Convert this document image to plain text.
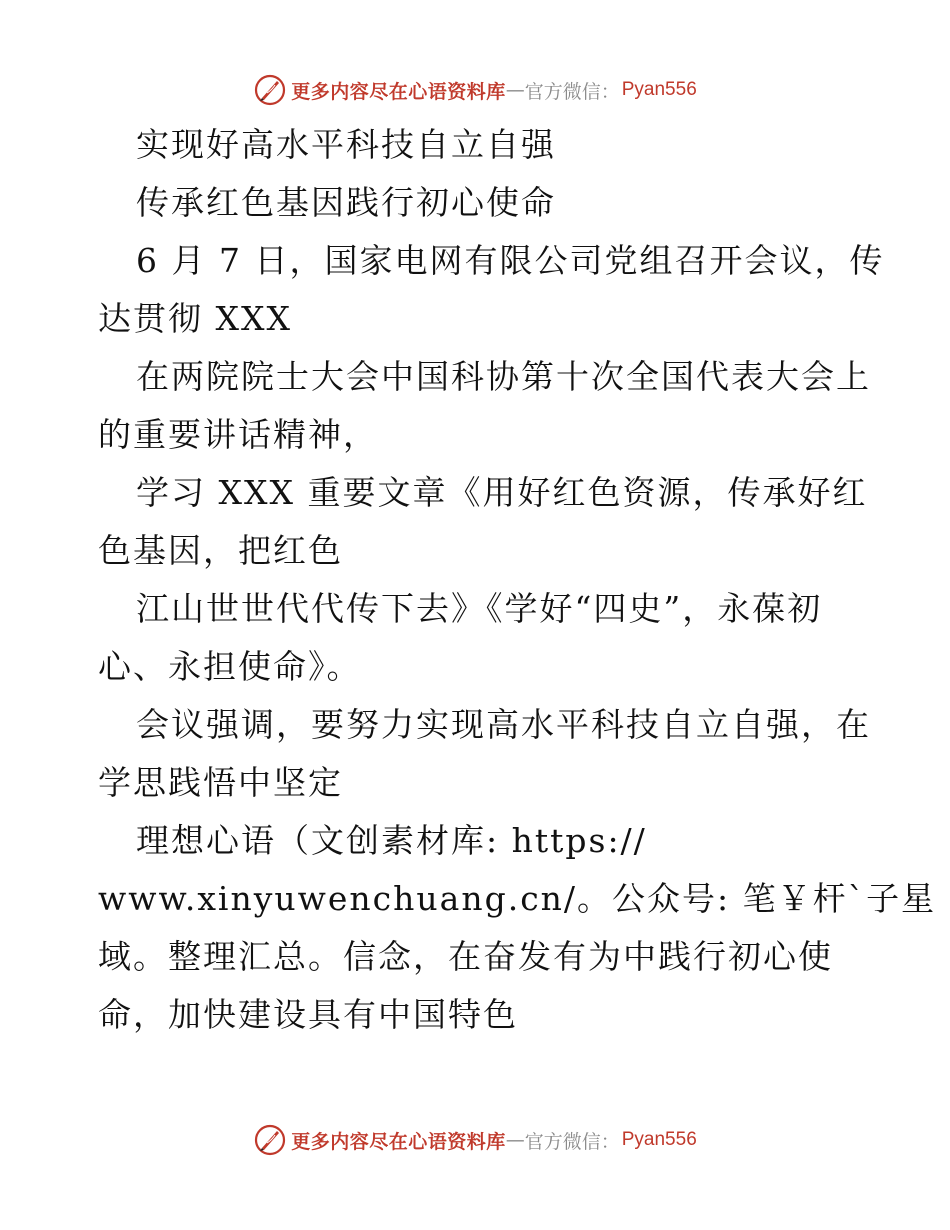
更多内容尽在心语资料库 — 官方微信： Pyan556
实现好高水平科技自立自强
传承红色基因践行初心使命
6 月 7 日，国家电网有限公司党组召开会议，传
达贯彻 XXX
在两院院士大会中国科协第十次全国代表大会上
的重要讲话精神，
学习 XXX 重要文章《用好红色资源，传承好红
色基因，把红色
江山世世代代传下去》《学好“四史”，永葆初
心、永担使命》。
会议强调，要努力实现高水平科技自立自强，在
学思践悟中坚定
理想心语（文创素材库: https://
www.xinyuwenchuang.cn/。公众号: 笔￥杆`子星
域。整理汇总。信念，在奋发有为中践行初心使
命，加快建设具有中国特色
更多内容尽在心语资料库 — 官方微信： Pyan556
